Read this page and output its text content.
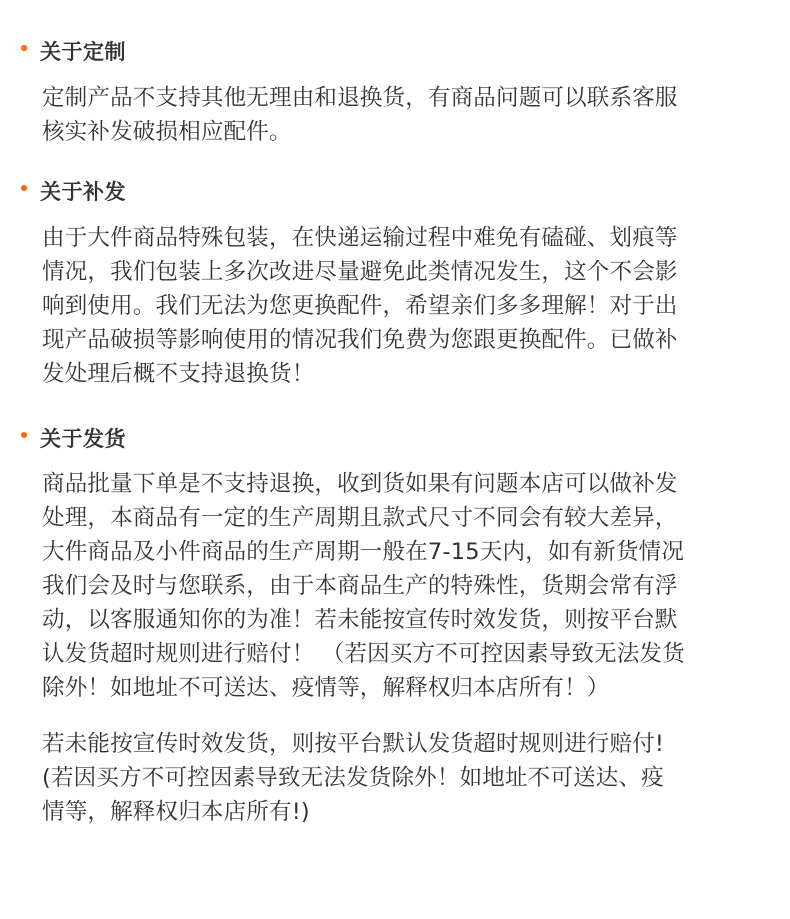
关于定制
定制产品不支持其他无理由和退换货，有商品问题可以联系客服
核实补发破损相应配件。
关于补发
由于大件商品特殊包装，在快递运输过程中难免有磕碰、划痕等
情况，我们包装上多次改进尽量避免此类情况发生，这个不会影
响到使用。我们无法为您更换配件，希望亲们多多理解！对于出
现产品破损等影响使用的情况我们免费为您跟更换配件。已做补
发处理后概不支持退换货！
关于发货
商品批量下单是不支持退换，收到货如果有问题本店可以做补发
处理，本商品有一定的生产周期且款式尺寸不同会有较大差异，
大件商品及小件商品的生产周期一般在7-15天内，如有新货情况
我们会及时与您联系，由于本商品生产的特殊性，货期会常有浮
动，以客服通知你的为准！若未能按宣传时效发货，则按平台默
认发货超时规则进行赔付！ （若因买方不可控因素导致无法发货
除外！如地址不可送达、疫情等，解释权归本店所有！）
若未能按宣传时效发货，则按平台默认发货超时规则进行赔付!
(若因买方不可控因素导致无法发货除外！如地址不可送达、疫
情等，解释权归本店所有!)
